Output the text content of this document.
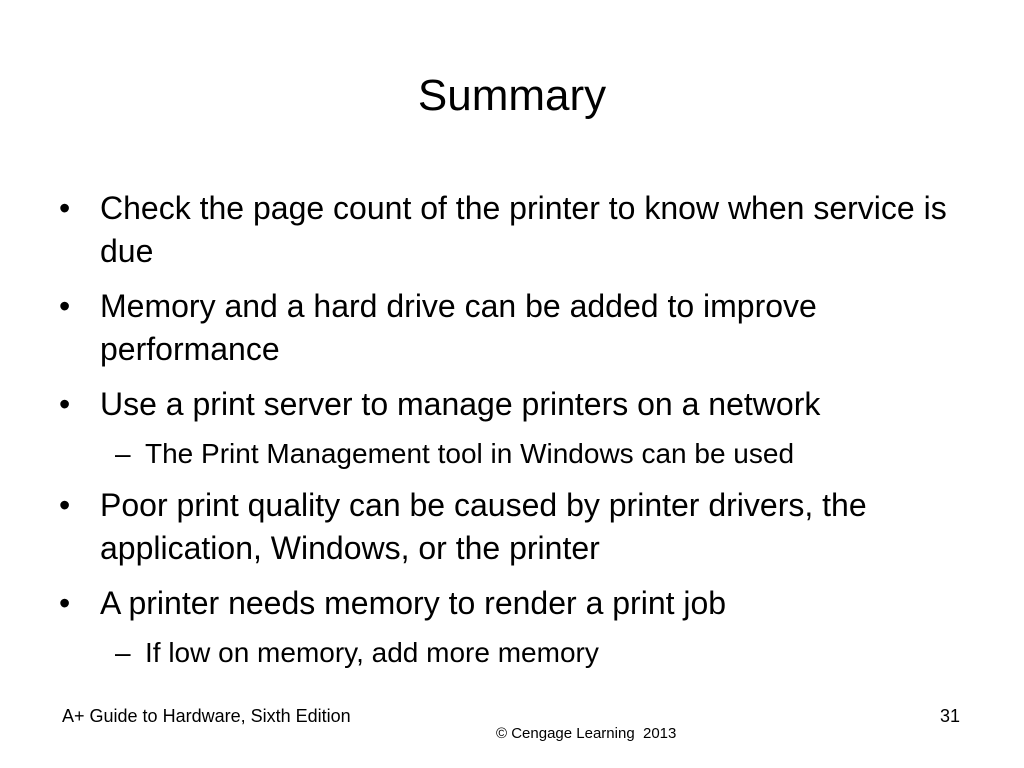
Summary
• Check the page count of the printer to know when service is due
• Memory and a hard drive can be added to improve performance
• Use a print server to manage printers on a network
– The Print Management tool in Windows can be used
• Poor print quality can be caused by printer drivers, the application, Windows, or the printer
• A printer needs memory to render a print job
– If low on memory, add more memory
A+ Guide to Hardware, Sixth Edition	31
© Cengage Learning  2013
